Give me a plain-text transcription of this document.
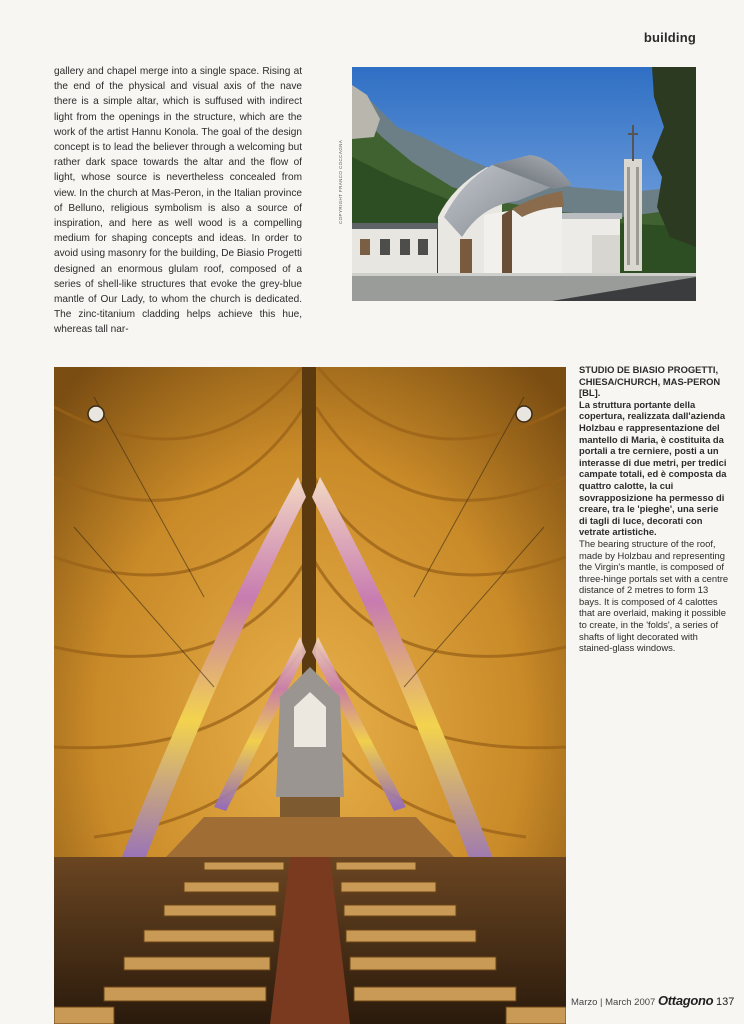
building

gallery and chapel merge into a single space. Rising at the end of the physical and visual axis of the nave there is a simple altar, which is suffused with indirect light from the openings in the structure, which are the work of the artist Hannu Konola. The goal of the design concept is to lead the believer through a welcoming but rather dark space towards the altar and the flow of light, whose source is nevertheless concealed from view. In the church at Mas-Peron, in the Italian province of Belluno, religious symbolism is also a source of inspiration, and here as well wood is a compelling medium for shaping concepts and ideas. In order to avoid using masonry for the building, De Biasio Progetti designed an enormous glulam roof, composed of a series of shell-like structures that evoke the grey-blue mantle of Our Lady, to whom the church is dedicated. The zinc-titanium cladding helps achieve this hue, whereas tall nar-

COPYRIGHT FRANCO COCCAGNA
STUDIO DE BIASIO PROGETTI, CHIESA/CHURCH, MAS-PERON [BL].
La struttura portante della copertura, realizzata dall'azienda Holzbau e rappresentazione del mantello di Maria, è costituita da portali a tre cerniere, posti a un interasse di due metri, per tredici campate totali, ed è composta da quattro calotte, la cui sovrapposizione ha permesso di creare, tra le 'pieghe', una serie di tagli di luce, decorati con vetrate artistiche.
The bearing structure of the roof, made by Holzbau and representing the Virgin's mantle, is composed of three-hinge portals set with a centre distance of 2 metres to form 13 bays. It is composed of 4 calottes that are overlaid, making it possible to create, in the 'folds', a series of shafts of light decorated with stained-glass windows.
Marzo | March 2007 Ottagono 137
